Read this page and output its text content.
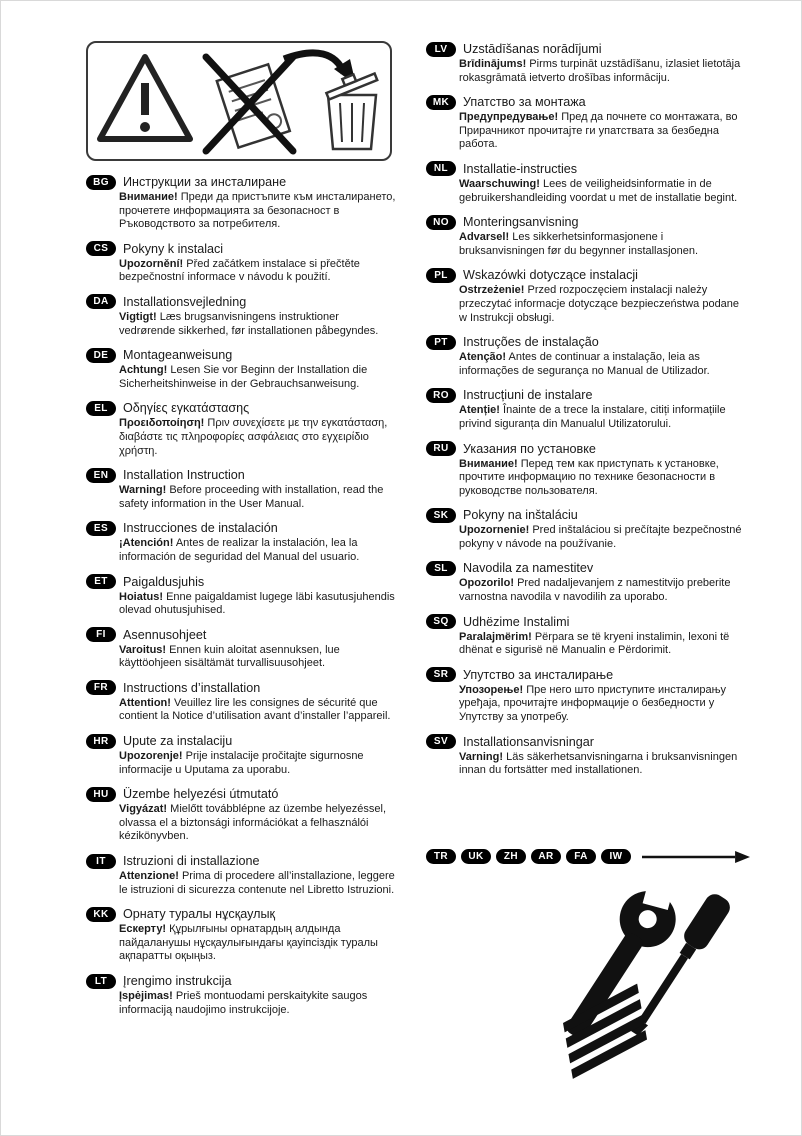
BG	Инструкции за инсталиране

Внимание! Преди да пристъпите към инсталирането, прочетете информацията за безопасност в Ръководството за потребителя.

CS	Pokyny k instalaci

Upozornění! Před začátkem instalace si přečtěte bezpečnostní informace v návodu k použití.

DA	Installationsvejledning

Vigtigt! Læs brugsanvisningens instruktioner vedrørende sikkerhed, før installationen påbegyndes.

DE	Montageanweisung

Achtung! Lesen Sie vor Beginn der Installation die Sicherheitshinweise in der Gebrauchsanweisung.

EL	Οδηγίες εγκατάστασης

Προειδοποίηση! Πριν συνεχίσετε με την εγκατάσταση, διαβάστε τις πληροφορίες ασφάλειας στο εγχειρίδιο χρήστη.

EN	Installation Instruction

Warning! Before proceeding with installation, read the safety information in the User Manual.

ES	Instrucciones de instalación

¡Atención! Antes de realizar la instalación, lea la información de seguridad del Manual del usuario.

ET	Paigaldusjuhis

Hoiatus! Enne paigaldamist lugege läbi kasutusjuhendis olevad ohutusjuhised.

FI	Asennusohjeet

Varoitus! Ennen kuin aloitat asennuksen, lue käyttöohjeen sisältämät turvallisuusohjeet.

FR	Instructions d’installation

Attention! Veuillez lire les consignes de sécurité que contient la Notice d’utilisation avant d’installer l’appareil.

HR	Upute za instalaciju

Upozorenje! Prije instalacije pročitajte sigurnosne informacije u Uputama za uporabu.

HU	Üzembe helyezési útmutató

Vigyázat! Mielőtt továbblépne az üzembe helyezéssel, olvassa el a biztonsági információkat a felhasználói kézikönyvben.

IT	Istruzioni di installazione

Attenzione! Prima di procedere all’installazione, leggere le istruzioni di sicurezza contenute nel Libretto Istruzioni.

KK	Орнату туралы нұсқаулық

Ескерту! Құрылғыны орнатардың алдында пайдаланушы нұсқаулығындағы қауіпсіздік туралы ақпаратты оқыңыз.

LT	Įrengimo instrukcija

Įspėjimas! Prieš montuodami perskaitykite saugos informaciją naudojimo instrukcijoje.

LV	Uzstādīšanas norādījumi

Brīdinājums! Pirms turpināt uzstādīšanu, izlasiet lietotāja rokasgrāmatā ietverto drošības informāciju.

MK	Упатство за монтажа

Предупредување! Пред да почнете со монтажата, во Прирачникот прочитајте ги упатствата за безбедна работа.

NL	Installatie-instructies

Waarschuwing! Lees de veiligheidsinformatie in de gebruikershandleiding voordat u met de installatie begint.

NO	Monteringsanvisning

Advarsel! Les sikkerhetsinformasjonene i bruksanvisningen før du begynner installasjonen.

PL	Wskazówki dotyczące instalacji

Ostrzeżenie! Przed rozpoczęciem instalacji należy przeczytać informacje dotyczące bezpieczeństwa podane w Instrukcji obsługi.

PT	Instruções de instalação

Atenção! Antes de continuar a instalação, leia as informações de segurança no Manual de Utilizador.

RO	Instrucțiuni de instalare

Atenție! Înainte de a trece la instalare, citiți informațiile privind siguranța din Manualul Utilizatorului.

RU	Указания по установке

Внимание! Перед тем как приступать к установке, прочтите информацию по технике безопасности в руководстве пользователя.

SK	Pokyny na inštaláciu

Upozornenie! Pred inštaláciou si prečítajte bezpečnostné pokyny v návode na používanie.

SL	Navodila za namestitev

Opozorilo! Pred nadaljevanjem z namestitvijo preberite varnostna navodila v navodilih za uporabo.

SQ	Udhëzime Instalimi

Paralajmërim! Përpara se të kryeni instalimin, lexoni të dhënat e sigurisë në Manualin e Përdorimit.

SR	Упутство за инсталирање

Упозорење! Пре него што приступите инсталирању уређаја, прочитајте информације о безбедности у Упутству за употребу.

SV	Installationsanvisningar

Varning! Läs säkerhetsanvisningarna i bruksanvisningen innan du fortsätter med installationen.

TR	UK	ZH	AR	FA	IW
